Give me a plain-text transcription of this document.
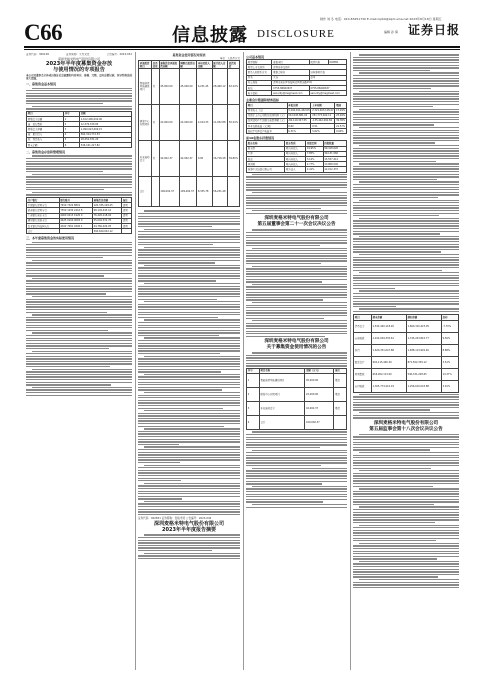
C66	信息披露 DISCLOSURE	证券日报
编辑 孙 倩
制作 刘 冬 电话：010-83251730 E-mail:zqrb9@zqrb.sina.net 2023年8月18日 星期五
证券代码：300148	证券简称：天舟文化	公告编号：2023-032
深圳麦格米特电气股份有限公司
2023年半年度募集资金存放
与使用情况的专项报告
本公司及董事会全体成员保证信息披露的内容真实、准确、完整，没有虚假记载、误导性陈述或重大遗漏。
一、募集资金基本情况
项目	序号	金额
募集资金总额	1	1,102,400,000.00
减：发行费用	2	12,376,330.85
募集资金净额	3	1,090,023,669.15
减：累计投入	4	562,314,772.53
加：利息收入	5	18,452,331.20
期末余额	6	546,161,227.82
二、募集资金存放和管理情况
开户银行	银行账号	募集资金余额	备注
中国银行深圳分行	7459 7322 8801	120,335,109.25	活期
招商银行深圳分行	7559 1030 2410 8	98,102,443.10	活期
工商银行南山支行	4000 0213 1920 0	76,420,118.02	活期
建设银行高新支行	4425 0100 0065 0	55,002,331.70	活期
农业银行科技园支行	4102 7001 0400 1	44,760,020.05	活期
合计		394,620,022.12	
三、本年度募集资金的实际使用情况
募集资金使用情况对照表
单位：人民币万元
承诺投资项目	是否变更	募集资金承诺投资总额	调整后投资总额	本年度投入金额	累计投入金额	投资进度
智能制造基地建设项目	否	45,000.00	45,000.00	6,231.45	28,460.12	63.24%
研发中心升级项目	否	22,000.00	22,000.00	2,104.33	11,052.88	50.24%
补充流动资金	否	42,002.37	42,002.37	0.00	16,718.48	39.80%
合计		109,002.37	109,002.37	8,335.78	56,231.48	
证券代码：002851 证券简称：麦格米特 公告编号：2023-045
深圳麦格米特电气股份有限公司
2023年半年度报告摘要
公司基本情况
股票简称	麦格米特	股票代码	002851
股票上市交易所	深圳证券交易所		
联系人和联系方式	董事会秘书	证券事务代表	
姓名	王涛	赵雪	
办公地址	深圳市南山区科技园北区朗山路13号		
电话	0755-86600637	0755-86600637	
电子信箱	security@megmeet.com	security@megmeet.com	
主要会计数据和财务指标
项目	本报告期	上年同期	增减
营业收入（元）	3,192,011,432.05	2,721,403,118.47	17.29%
归属于上市公司股东的净利润（元）	312,045,881.02	251,773,402.11	23.94%
经营活动产生的现金流量净额（元）	-82,110,347.55	-135,442,091.84	39.38%
基本每股收益（元/股）	0.62	0.51	21.57%
加权平均净资产收益率	6.31%	5.62%	0.69%
前10名股东持股情况
股东名称	股东性质	持股比例	持股数量
童永胜	境内自然人	19.95%	99,418,020
王萍	境内自然人	7.85%	39,131,560
张志	境内自然人	3.12%	15,557,412
林霄舸	境内自然人	2.77%	13,808,540
香港中央结算有限公司	境外法人	2.41%	12,012,337
深圳麦格米特电气股份有限公司
第五届董事会第二十一次会议决议公告
深圳麦格米特电气股份有限公司
关于募集资金使用情况的公告
序号	项目名称	金额（万元）	备注
1	智能制造基地建设项目	45,000.00	募投
2	研发中心升级项目	22,000.00	募投
3	补充流动资金	42,002.37	募投
4	合计	109,002.37	
项目	期末余额	期初余额	变动
货币资金	1,532,440,118.20	1,660,310,423.05	-7.70%
应收账款	1,912,004,335.61	1,745,223,810.77	9.56%
存货	1,620,331,047.88	1,488,113,902.40	8.88%
固定资产	902,115,446.30	871,502,339.12	3.51%
短期借款	618,002,113.00	540,331,228.65	14.37%
应付账款	1,305,774,210.19	1,256,610,043.88	3.91%
深圳麦格米特电气股份有限公司
第五届监事会第十八次会议决议公告
